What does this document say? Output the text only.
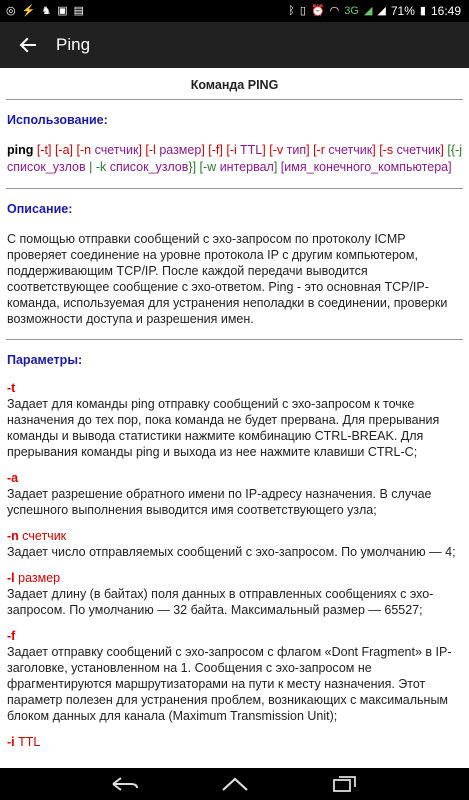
◎ ⚡ ♞ ▣ ▤	ᛒ ▯ ⏰ ◠ 3G ◢ ◢ 71% ▮ 16:49
Ping
Команда PING
Использование:
ping [-t] [-a] [-n счетчик] [-l размер] [-f] [-i TTL] [-v тип] [-r счетчик] [-s счетчик] [{-j список_узлов | -k список_узлов}] [-w интервал] [имя_конечного_компьютера]
Описание:

С помощью отправки сообщений с эхо-запросом по протоколу ICMP проверяет соединение на уровне протокола IP с другим компьютером, поддерживающим TCP/IP. После каждой передачи выводится соответствующее сообщение с эхо-ответом. Ping - это основная TCP/IP-команда, используемая для устранения неполадки в соединении, проверки возможности доступа и разрешения имен.

Параметры:
-t

Задает для команды ping отправку сообщений с эхо-запросом к точке назначения до тех пор, пока команда не будет прервана. Для прерывания команды и вывода статистики нажмите комбинацию CTRL-BREAK. Для прерывания команды ping и выхода из нее нажмите клавиши CTRL-C;

-a

Задает разрешение обратного имени по IP-адресу назначения. В случае успешного выполнения выводится имя соответствующего узла;

-n счетчик

Задает число отправляемых сообщений с эхо-запросом. По умолчанию — 4;

-l размер

Задает длину (в байтах) поля данных в отправленных сообщениях с эхо-запросом. По умолчанию — 32 байта. Максимальный размер — 65527;

-f

Задает отправку сообщений с эхо-запросом с флагом «Dont Fragment» в IP-заголовке, установленном на 1. Сообщения с эхо-запросом не фрагментируются маршрутизаторами на пути к месту назначения. Этот параметр полезен для устранения проблем, возникающих с максимальным блоком данных для канала (Maximum Transmission Unit);

-i TTL
